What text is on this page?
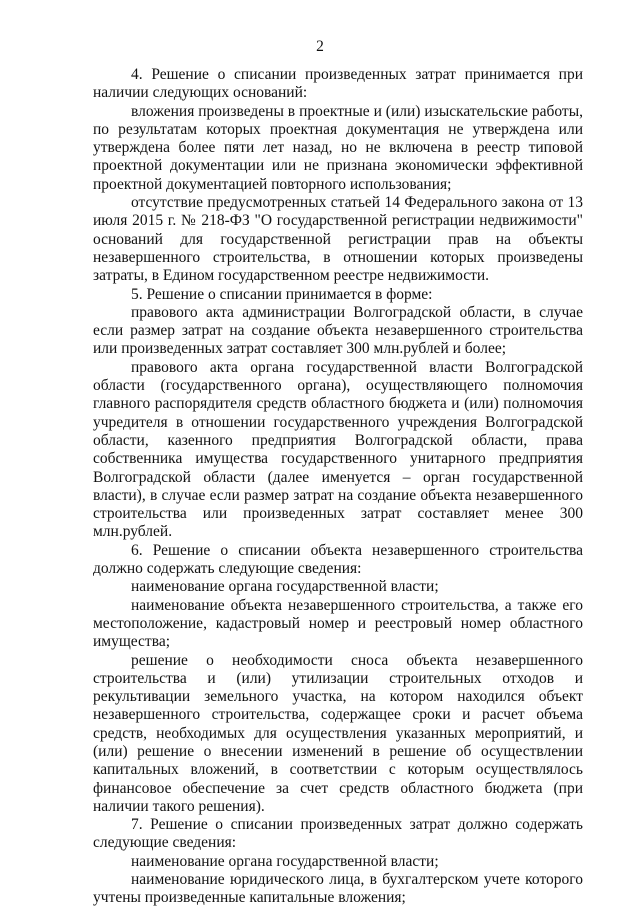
2

4. Решение о списании произведенных затрат принимается при наличии следующих оснований:

вложения произведены в проектные и (или) изыскательские работы, по результатам которых проектная документация не утверждена или утверждена более пяти лет назад, но не включена в реестр типовой проектной документации или не признана экономически эффективной проектной документацией повторного использования;

отсутствие предусмотренных статьей 14 Федерального закона от 13 июля 2015 г. № 218-ФЗ "О государственной регистрации недвижимости" оснований для государственной регистрации прав на объекты незавершенного строительства, в отношении которых произведены затраты, в Едином государственном реестре недвижимости.

5. Решение о списании принимается в форме:

правового акта администрации Волгоградской области, в случае если размер затрат на создание объекта незавершенного строительства или произведенных затрат составляет 300 млн.рублей и более;

правового акта органа государственной власти Волгоградской области (государственного органа), осуществляющего полномочия главного распорядителя средств областного бюджета и (или) полномочия учредителя в отношении государственного учреждения Волгоградской области, казенного предприятия Волгоградской области, права собственника имущества государственного унитарного предприятия Волгоградской области (далее именуется – орган государственной власти), в случае если размер затрат на создание объекта незавершенного строительства или произведенных затрат составляет менее 300 млн.рублей.

6. Решение о списании объекта незавершенного строительства должно содержать следующие сведения:

наименование органа государственной власти;

наименование объекта незавершенного строительства, а также его местоположение, кадастровый номер и реестровый номер областного имущества;

решение о необходимости сноса объекта незавершенного строительства и (или) утилизации строительных отходов и рекультивации земельного участка, на котором находился объект незавершенного строительства, содержащее сроки и расчет объема средств, необходимых для осуществления указанных мероприятий, и (или) решение о внесении изменений в решение об осуществлении капитальных вложений, в соответствии с которым осуществлялось финансовое обеспечение за счет средств областного бюджета (при наличии такого решения).

7. Решение о списании произведенных затрат должно содержать следующие сведения:

наименование органа государственной власти;

наименование юридического лица, в бухгалтерском учете которого учтены произведенные капитальные вложения;
